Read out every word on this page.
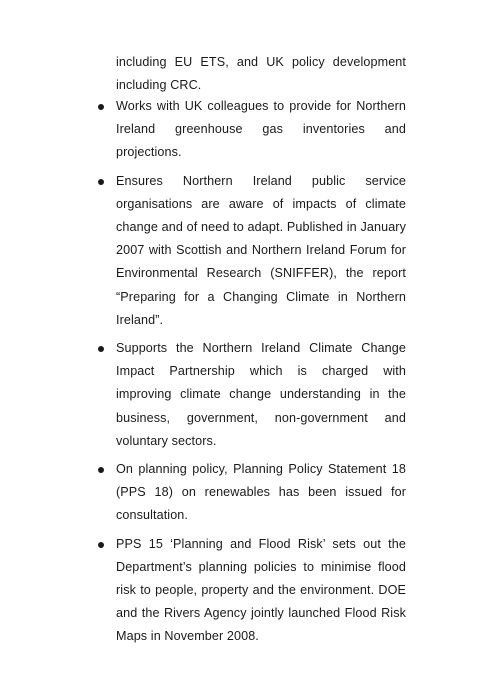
including EU ETS, and UK policy development including CRC.

Works with UK colleagues to provide for Northern Ireland greenhouse gas inventories and projections.
Ensures Northern Ireland public service organisations are aware of impacts of climate change and of need to adapt. Published in January 2007 with Scottish and Northern Ireland Forum for Environmental Research (SNIFFER), the report “Preparing for a Changing Climate in Northern Ireland”.
Supports the Northern Ireland Climate Change Impact Partnership which is charged with improving climate change understanding in the business, government, non-government and voluntary sectors.
On planning policy, Planning Policy Statement 18 (PPS 18) on renewables has been issued for consultation.
PPS 15 ‘Planning and Flood Risk’ sets out the Department’s planning policies to minimise flood risk to people, property and the environment. DOE and the Rivers Agency jointly launched Flood Risk Maps in November 2008.
